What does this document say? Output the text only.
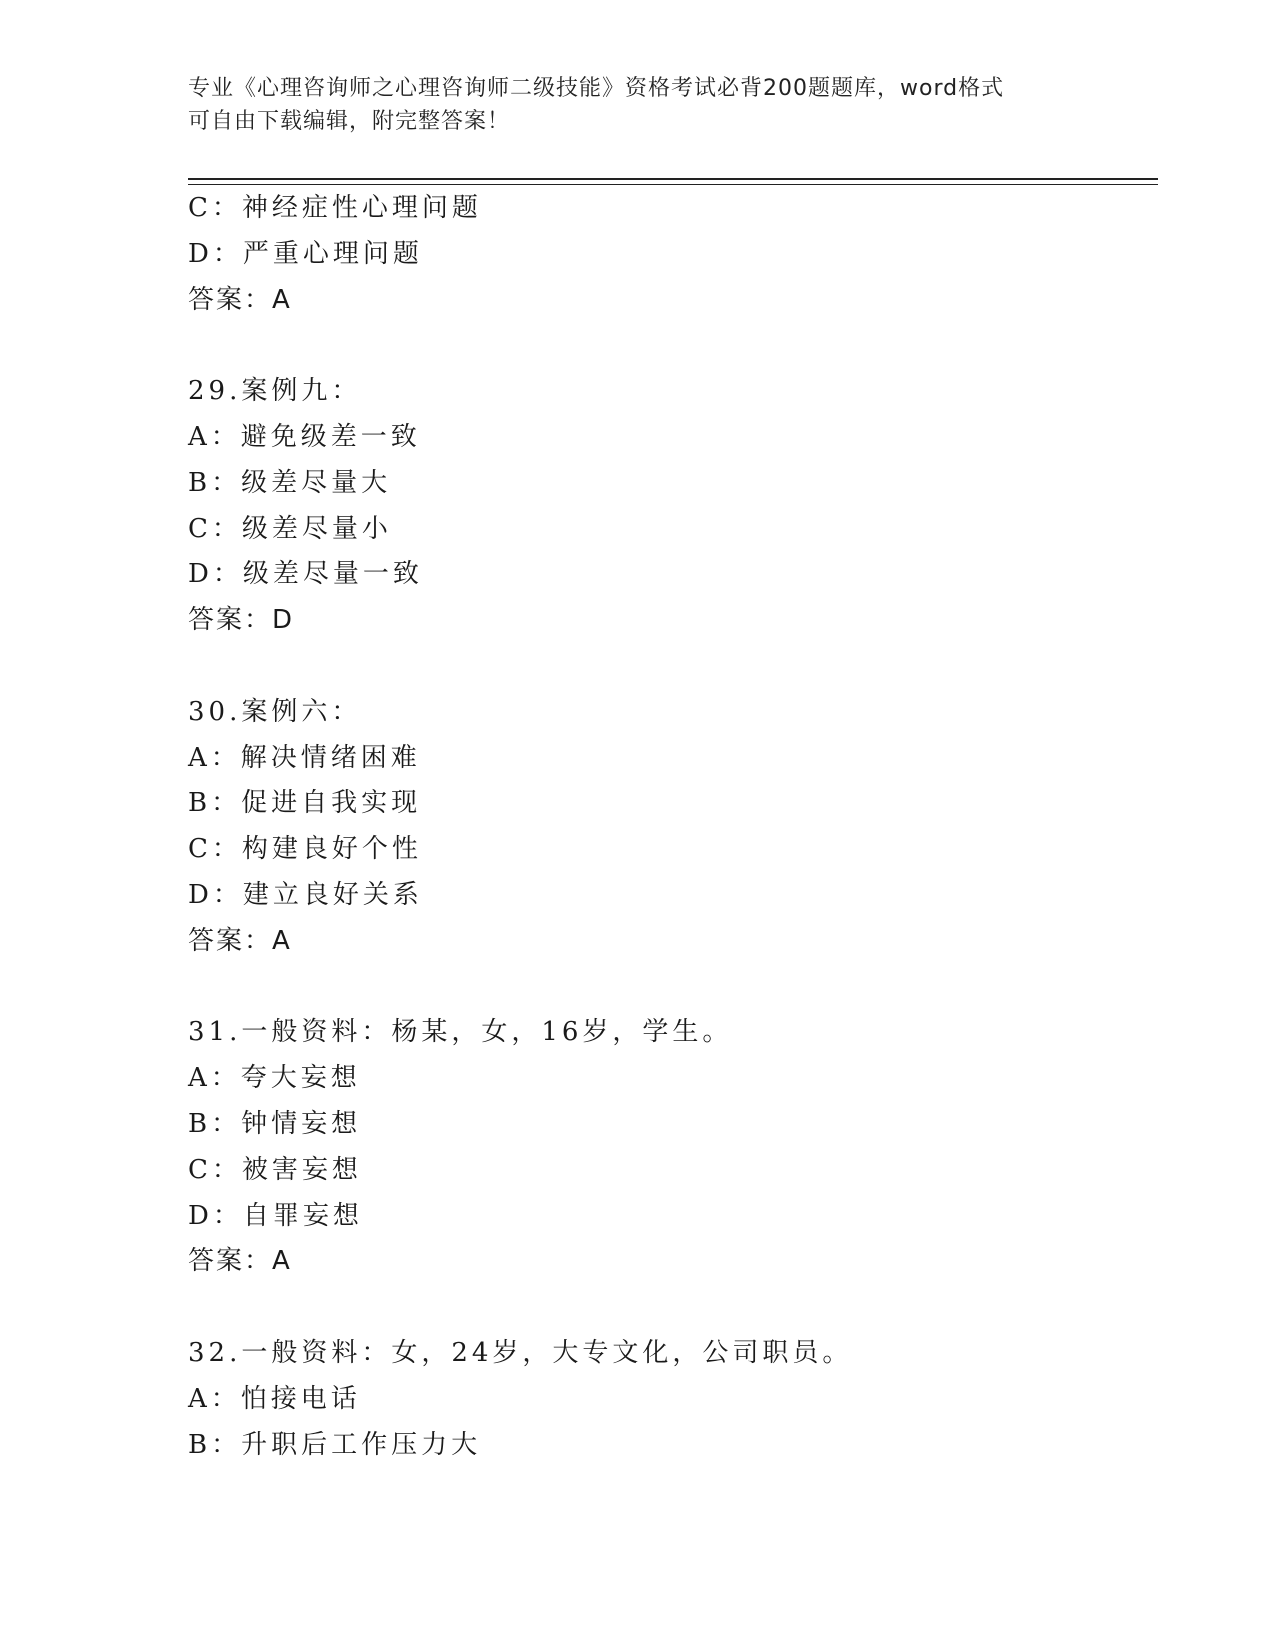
专业《心理咨询师之心理咨询师二级技能》资格考试必背200题题库，word格式
可自由下载编辑，附完整答案！
C：神经症性心理问题
D：严重心理问题
答案：A
29.案例九：
A：避免级差一致
B：级差尽量大
C：级差尽量小
D：级差尽量一致
答案：D
30.案例六：
A：解决情绪困难
B：促进自我实现
C：构建良好个性
D：建立良好关系
答案：A
31.一般资料：杨某，女，16岁，学生。
A：夸大妄想
B：钟情妄想
C：被害妄想
D：自罪妄想
答案：A
32.一般资料：女，24岁，大专文化，公司职员。
A：怕接电话
B：升职后工作压力大
